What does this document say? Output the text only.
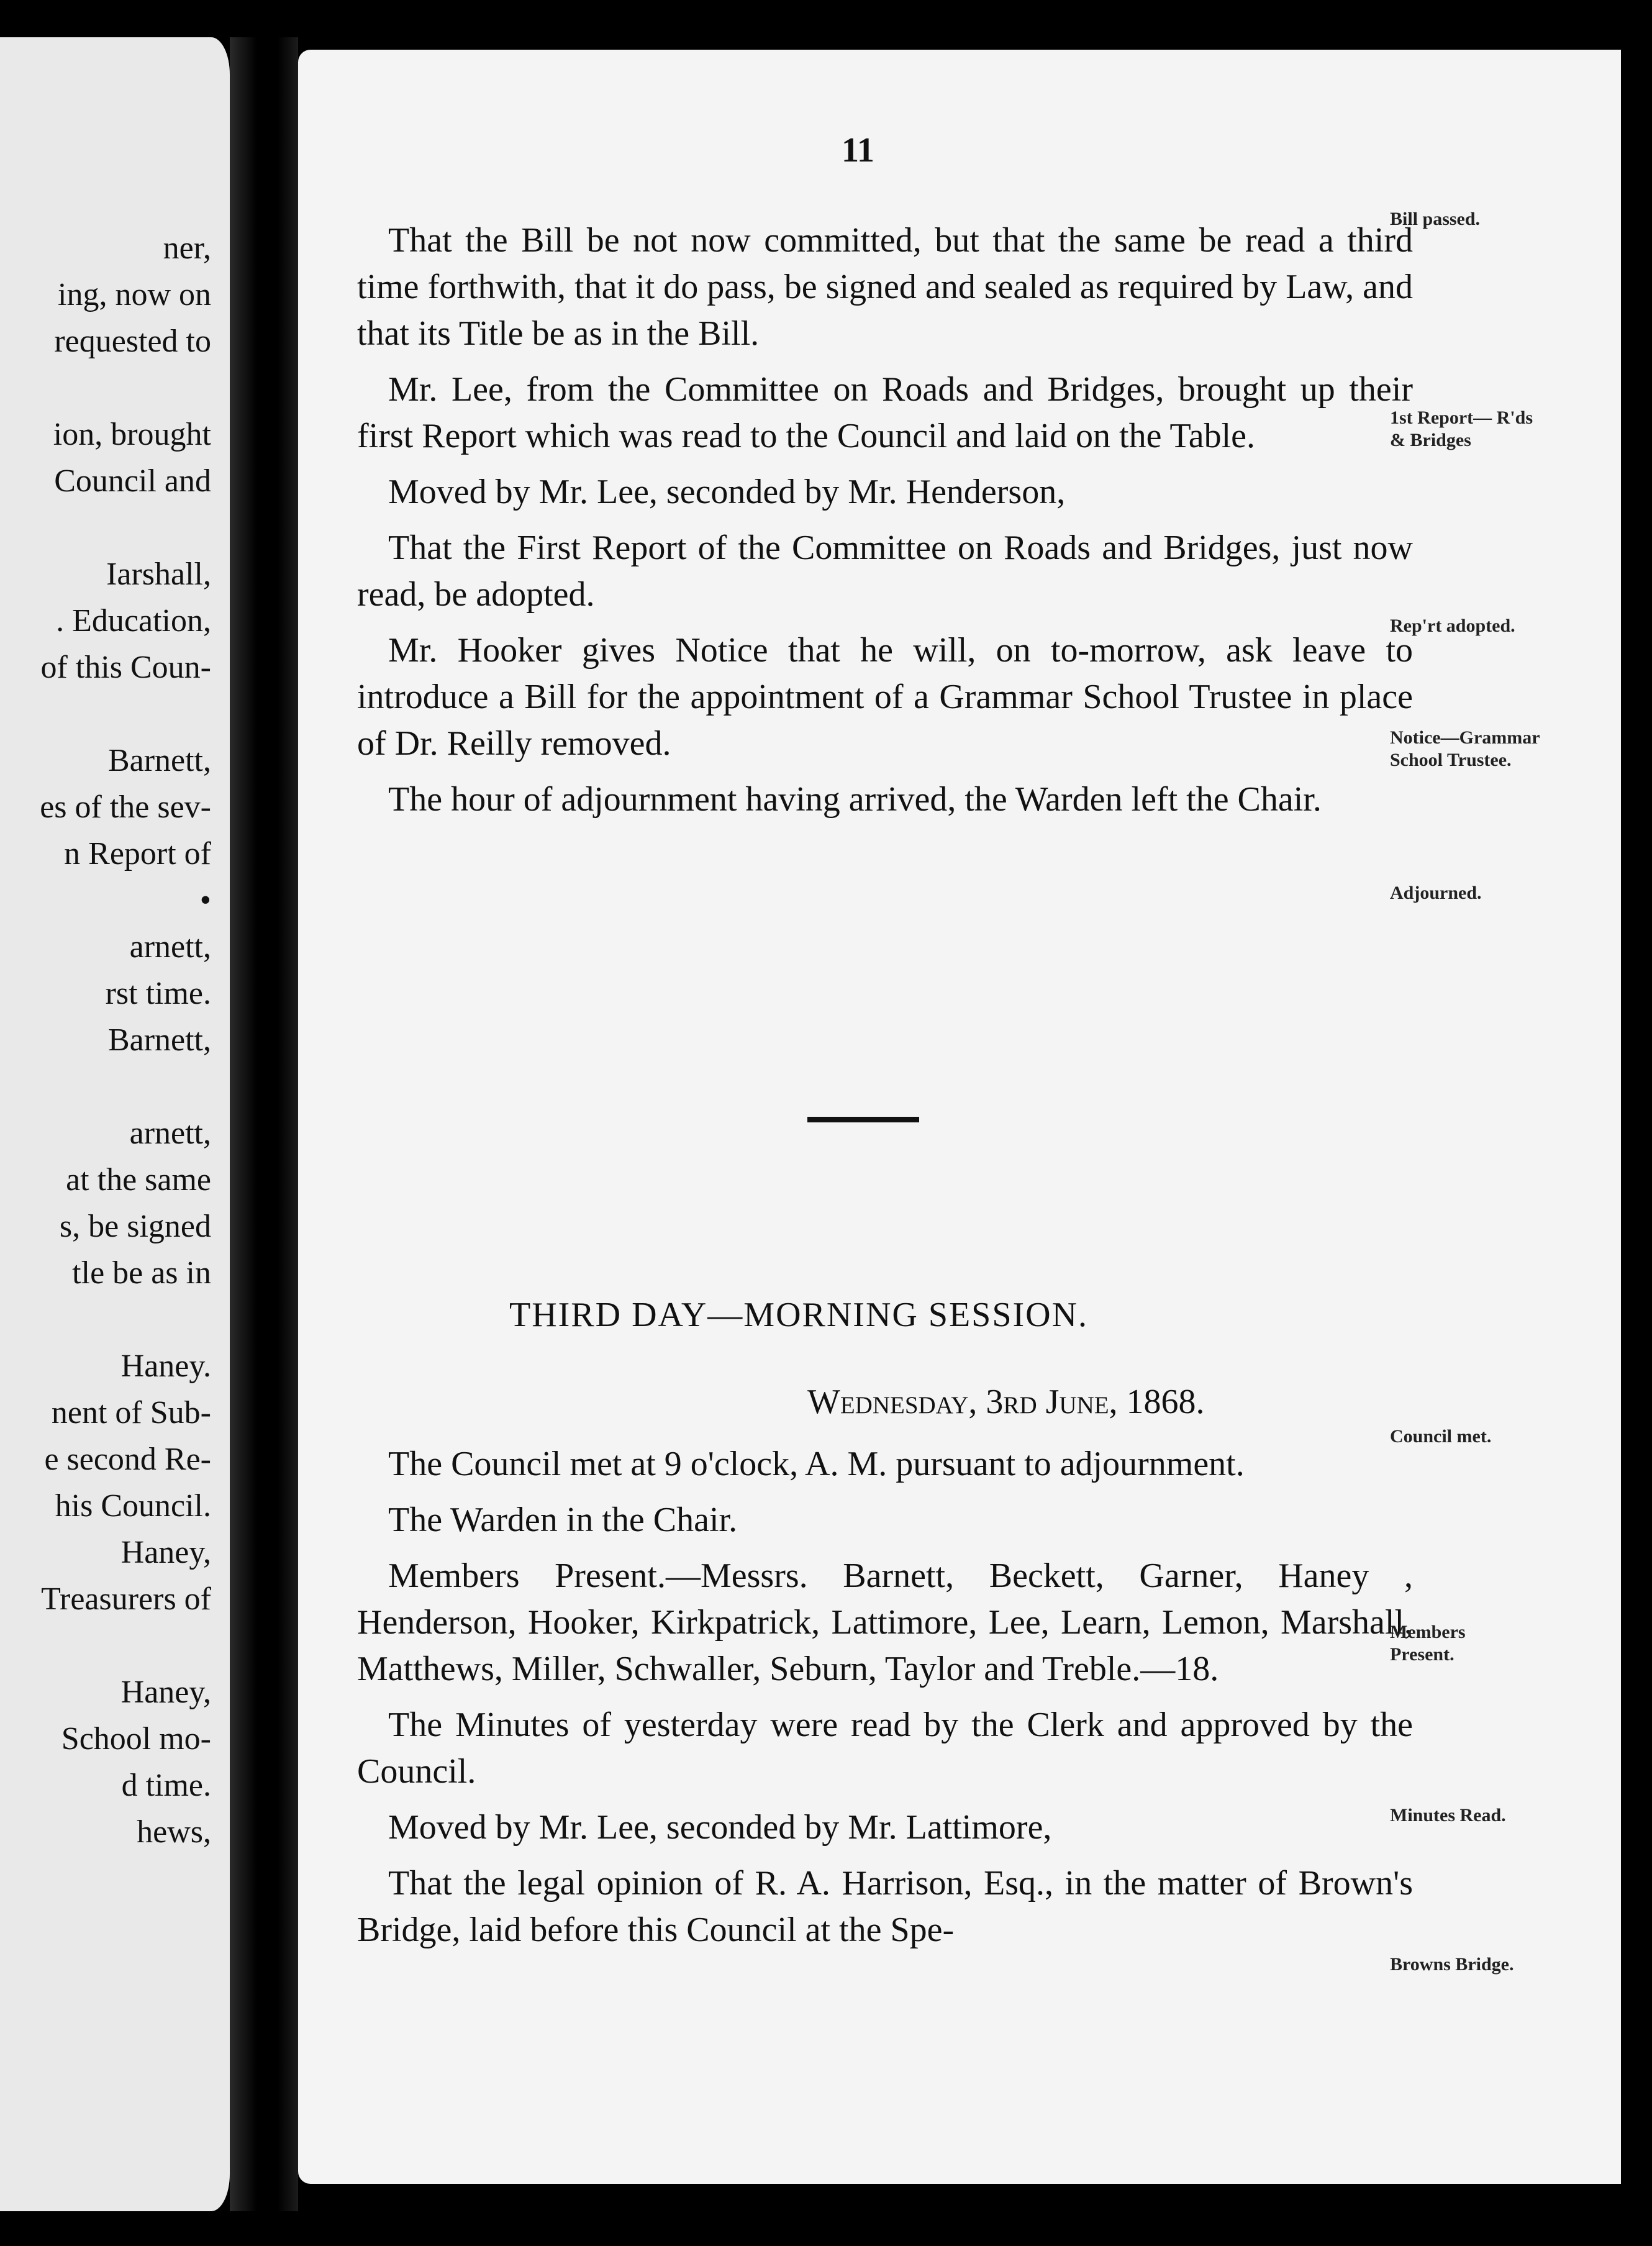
ner,
ing, now on
requested to
ion, brought
Council and
Iarshall,
. Education,
of this Coun-
Barnett,
es of the sev-
n Report of
•
arnett,
rst time.
Barnett,
arnett,
at the same
s, be signed
tle be as in
Haney.
nent of Sub-
e second Re-
his Council.
Haney,
Treasurers of
Haney,
School mo-
d time.
hews,
11

That the Bill be not now committed, but that the same be read a third time forthwith, that it do pass, be signed and sealed as required by Law, and that its Title be as in the Bill.

Mr. Lee, from the Committee on Roads and Bridges, brought up their first Report which was read to the Council and laid on the Table.

Moved by Mr. Lee, seconded by Mr. Henderson,

That the First Report of the Committee on Roads and Bridges, just now read, be adopted.

Mr. Hooker gives Notice that he will, on to-morrow, ask leave to introduce a Bill for the appointment of a Grammar School Trustee in place of Dr. Reilly removed.

The hour of adjournment having arrived, the Warden left the Chair.

THIRD DAY—MORNING SESSION.
Wednesday, 3rd June, 1868.

The Council met at 9 o'clock, A. M. pursuant to adjournment.

The Warden in the Chair.

Members Present.—Messrs. Barnett, Beckett, Garner, Haney , Henderson, Hooker, Kirkpatrick, Lattimore, Lee, Learn, Lemon, Marshall, Matthews, Miller, Schwaller, Seburn, Taylor and Treble.—18.

The Minutes of yesterday were read by the Clerk and approved by the Council.

Moved by Mr. Lee, seconded by Mr. Lattimore,

That the legal opinion of R. A. Harrison, Esq., in the matter of Brown's Bridge, laid before this Council at the Spe-

Bill passed.
1st Report— R'ds & Bridges
Rep'rt adopted.
Notice—Grammar School Trustee.
Adjourned.
Council met.
Members Present.
Minutes Read.
Browns Bridge.
